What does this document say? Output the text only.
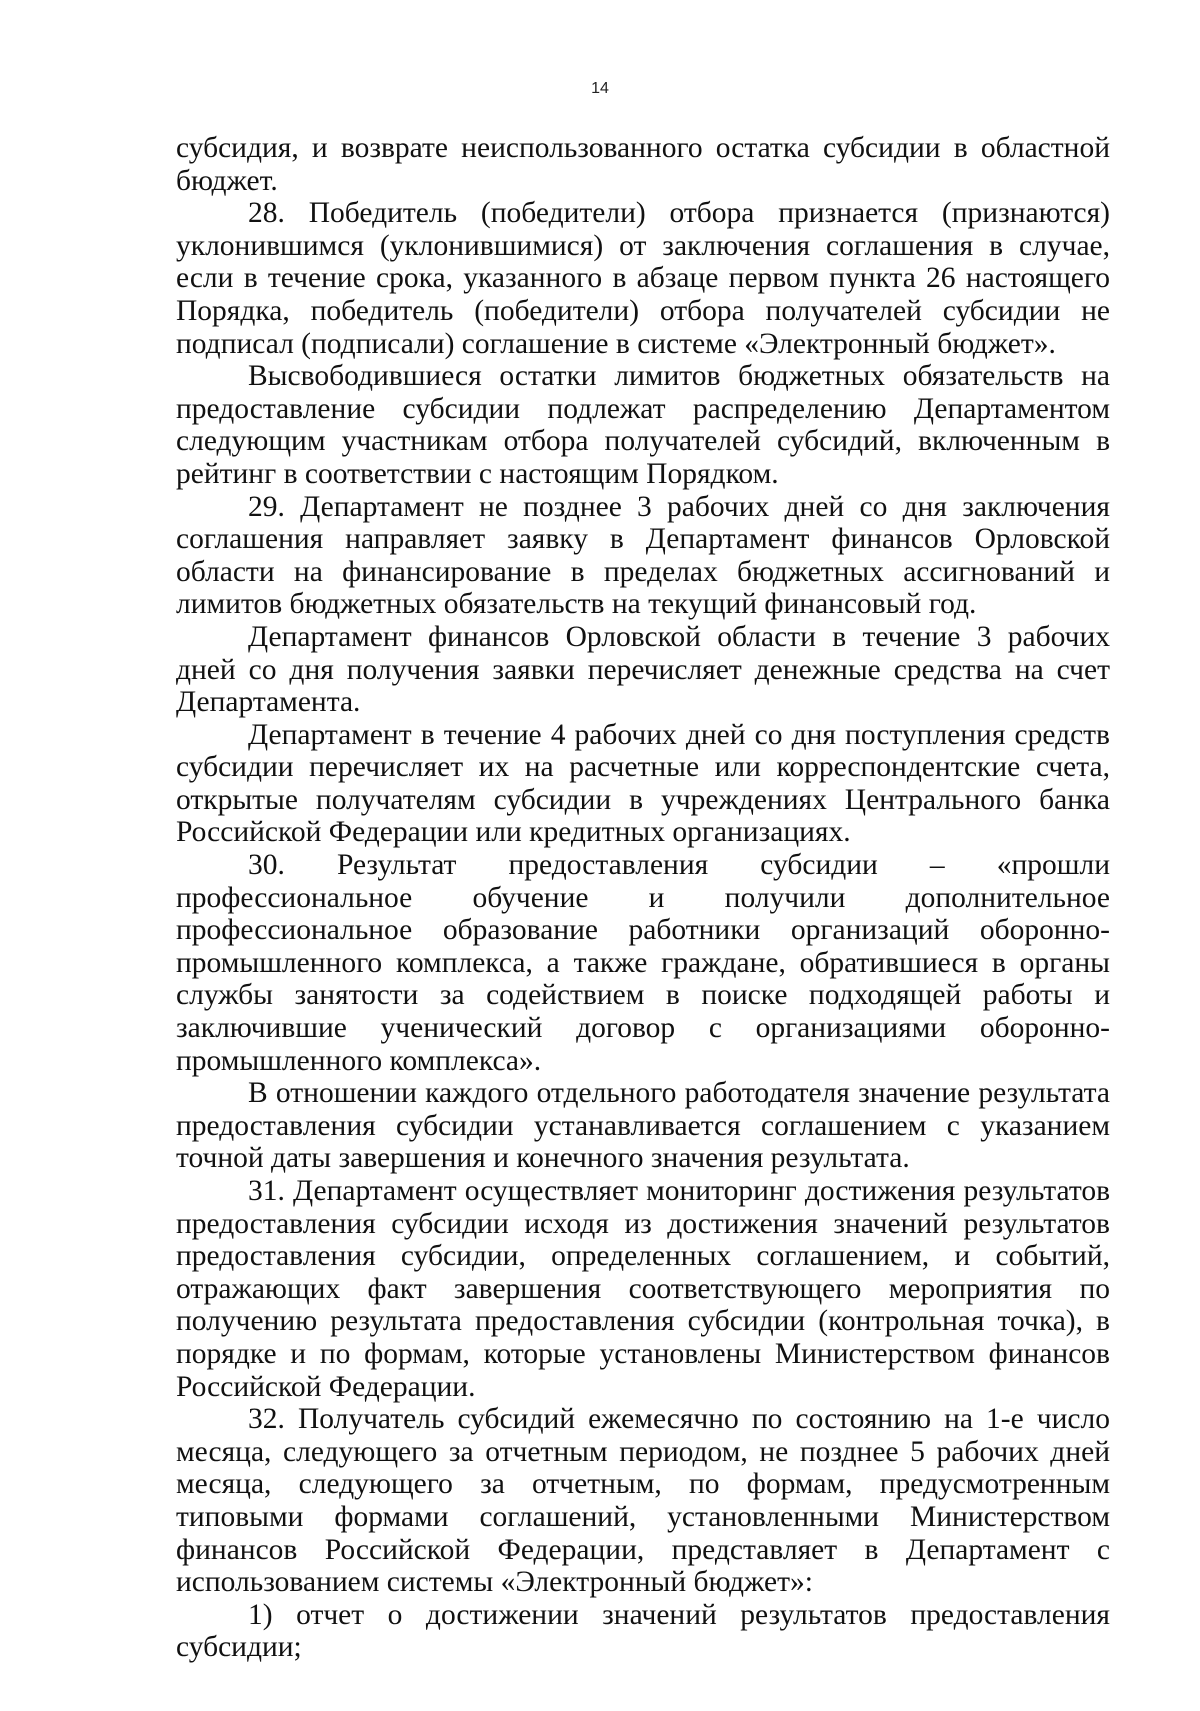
14

субсидия, и возврате неиспользованного остатка субсидии в областной бюджет.

28. Победитель (победители) отбора признается (признаются) уклонившимся (уклонившимися) от заключения соглашения в случае, если в течение срока, указанного в абзаце первом пункта 26 настоящего Порядка, победитель (победители) отбора получателей субсидии не подписал (подписали) соглашение в системе «Электронный бюджет».

Высвободившиеся остатки лимитов бюджетных обязательств на предоставление субсидии подлежат распределению Департаментом следующим участникам отбора получателей субсидий, включенным в рейтинг в соответствии с настоящим Порядком.

29. Департамент не позднее 3 рабочих дней со дня заключения соглашения направляет заявку в Департамент финансов Орловской области на финансирование в пределах бюджетных ассигнований и лимитов бюджетных обязательств на текущий финансовый год.

Департамент финансов Орловской области в течение 3 рабочих дней со дня получения заявки перечисляет денежные средства на счет Департамента.

Департамент в течение 4 рабочих дней со дня поступления средств субсидии перечисляет их на расчетные или корреспондентские счета, открытые получателям субсидии в учреждениях Центрального банка Российской Федерации или кредитных организациях.

30. Результат предоставления субсидии – «прошли профессиональное обучение и получили дополнительное профессиональное образование работники организаций оборонно-промышленного комплекса, а также граждане, обратившиеся в органы службы занятости за содействием в поиске подходящей работы и заключившие ученический договор с организациями оборонно-промышленного комплекса».

В отношении каждого отдельного работодателя значение результата предоставления субсидии устанавливается соглашением с указанием точной даты завершения и конечного значения результата.

31. Департамент осуществляет мониторинг достижения результатов предоставления субсидии исходя из достижения значений результатов предоставления субсидии, определенных соглашением, и событий, отражающих факт завершения соответствующего мероприятия по получению результата предоставления субсидии (контрольная точка), в порядке и по формам, которые установлены Министерством финансов Российской Федерации.

32. Получатель субсидий ежемесячно по состоянию на 1-е число месяца, следующего за отчетным периодом, не позднее 5 рабочих дней месяца, следующего за отчетным, по формам, предусмотренным типовыми формами соглашений, установленными Министерством финансов Российской Федерации, представляет в Департамент с использованием системы «Электронный бюджет»:

1) отчет о достижении значений результатов предоставления субсидии;
